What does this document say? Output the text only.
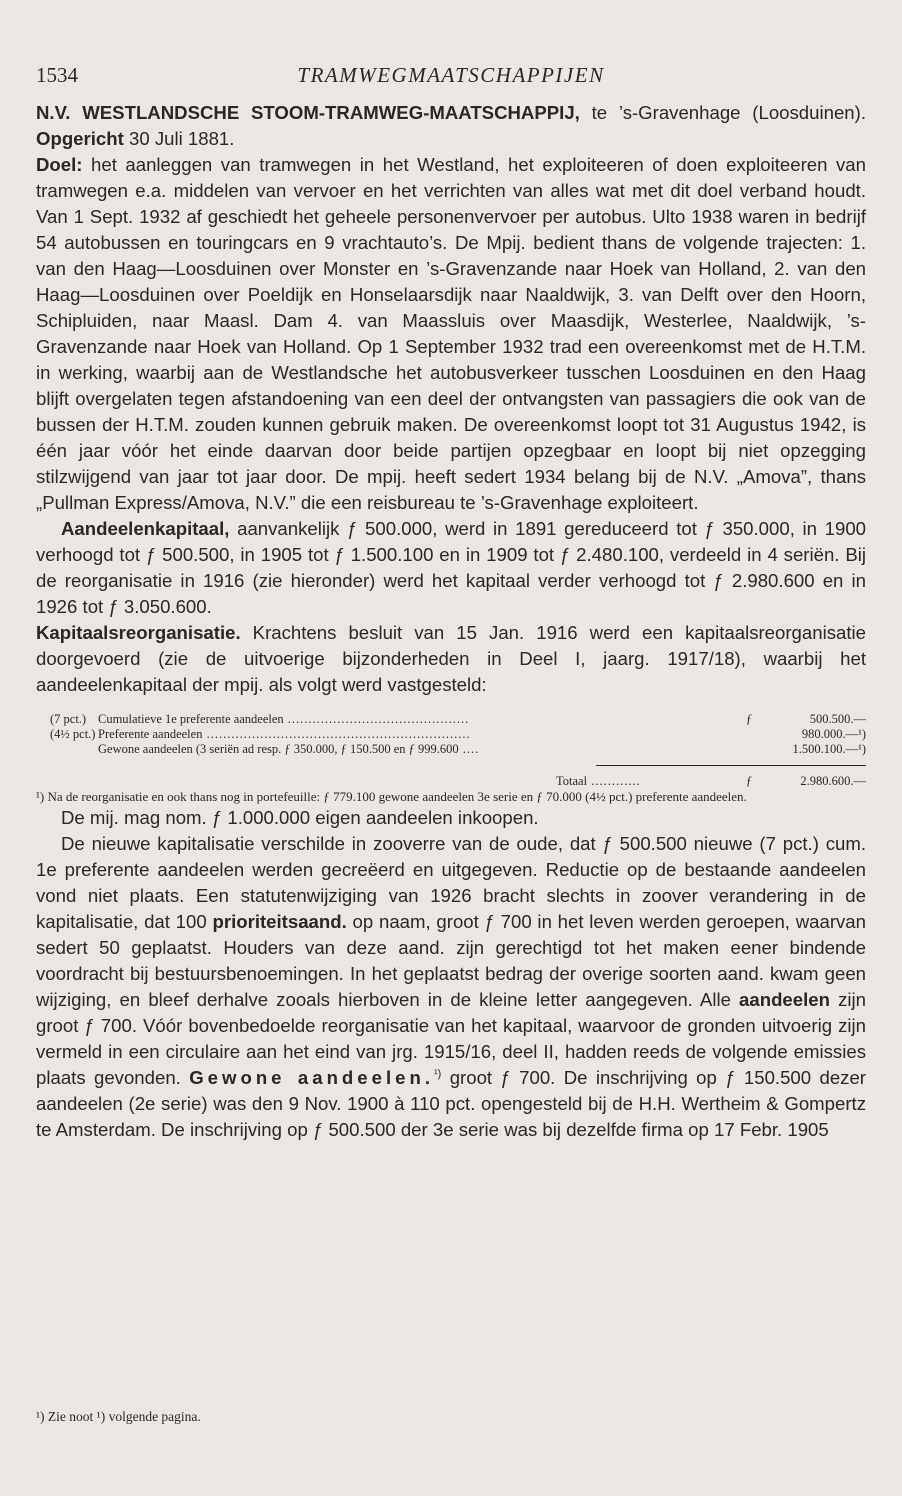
1534	TRAMWEGMAATSCHAPPIJEN

N.V. WESTLANDSCHE STOOM-TRAMWEG-MAATSCHAPPIJ, te ’s-Gravenhage (Loosduinen). Opgericht 30 Juli 1881.

Doel: het aanleggen van tramwegen in het Westland, het exploiteeren of doen exploiteeren van tramwegen e.a. middelen van vervoer en het verrichten van alles wat met dit doel verband houdt. Van 1 Sept. 1932 af geschiedt het geheele personenvervoer per autobus. Ulto 1938 waren in bedrijf 54 autobussen en touringcars en 9 vrachtauto’s. De Mpij. bedient thans de volgende trajecten: 1. van den Haag—Loosduinen over Monster en ’s-Gravenzande naar Hoek van Holland, 2. van den Haag—Loosduinen over Poeldijk en Honselaarsdijk naar Naaldwijk, 3. van Delft over den Hoorn, Schipluiden, naar Maasl. Dam 4. van Maassluis over Maasdijk, Westerlee, Naaldwijk, ’s-Gravenzande naar Hoek van Holland. Op 1 September 1932 trad een overeenkomst met de H.T.M. in werking, waarbij aan de Westlandsche het autobusverkeer tusschen Loosduinen en den Haag blijft overgelaten tegen afstandoening van een deel der ontvangsten van passagiers die ook van de bussen der H.T.M. zouden kunnen gebruik maken. De overeenkomst loopt tot 31 Augustus 1942, is één jaar vóór het einde daarvan door beide partijen opzegbaar en loopt bij niet opzegging stilzwijgend van jaar tot jaar door. De mpij. heeft sedert 1934 belang bij de N.V. „Amova”, thans „Pullman Express/Amova, N.V.” die een reisbureau te ’s-Gravenhage exploiteert.

Aandeelenkapitaal, aanvankelijk ƒ 500.000, werd in 1891 gereduceerd tot ƒ 350.000, in 1900 verhoogd tot ƒ 500.500, in 1905 tot ƒ 1.500.100 en in 1909 tot ƒ 2.480.100, verdeeld in 4 seriën. Bij de reorganisatie in 1916 (zie hieronder) werd het kapitaal verder verhoogd tot ƒ 2.980.600 en in 1926 tot ƒ 3.050.600.

Kapitaalsreorganisatie. Krachtens besluit van 15 Jan. 1916 werd een kapitaalsreorganisatie doorgevoerd (zie de uitvoerige bijzonderheden in Deel I, jaarg. 1917/18), waarbij het aandeelenkapitaal der mpij. als volgt werd vastgesteld:

(7 pct.) Cumulatieve 1e preferente aandeelen ............................................	ƒ	500.500.—
(4½ pct.) Preferente aandeelen ................................................................	980.000.—¹)
Gewone aandeelen (3 seriën ad resp. ƒ 350.000, ƒ 150.500 en ƒ 999.600 ....	1.500.100.—¹)
Totaal ............	ƒ	2.980.600.—

¹) Na de reorganisatie en ook thans nog in portefeuille: ƒ 779.100 gewone aandeelen 3e serie en ƒ 70.000 (4½ pct.) preferente aandeelen.

De mij. mag nom. ƒ 1.000.000 eigen aandeelen inkoopen.

De nieuwe kapitalisatie verschilde in zooverre van de oude, dat ƒ 500.500 nieuwe (7 pct.) cum. 1e preferente aandeelen werden gecreëerd en uitgegeven. Reductie op de bestaande aandeelen vond niet plaats. Een statutenwijziging van 1926 bracht slechts in zoover verandering in de kapitalisatie, dat 100 prioriteitsaand. op naam, groot ƒ 700 in het leven werden geroepen, waarvan sedert 50 geplaatst. Houders van deze aand. zijn gerechtigd tot het maken eener bindende voordracht bij bestuursbenoemingen. In het geplaatst bedrag der overige soorten aand. kwam geen wijziging, en bleef derhalve zooals hierboven in de kleine letter aangegeven. Alle aandeelen zijn groot ƒ 700. Vóór bovenbedoelde reorganisatie van het kapitaal, waarvoor de gronden uitvoerig zijn vermeld in een circulaire aan het eind van jrg. 1915/16, deel II, hadden reeds de volgende emissies plaats gevonden. Gewone aandeelen.$^{^1)}$ groot ƒ 700. De inschrijving op ƒ 150.500 dezer aandeelen (2e serie) was den 9 Nov. 1900 à 110 pct. opengesteld bij de H.H. Wertheim & Gompertz te Amsterdam. De inschrijving op ƒ 500.500 der 3e serie was bij dezelfde firma op 17 Febr. 1905

¹) Zie noot ¹) volgende pagina.
